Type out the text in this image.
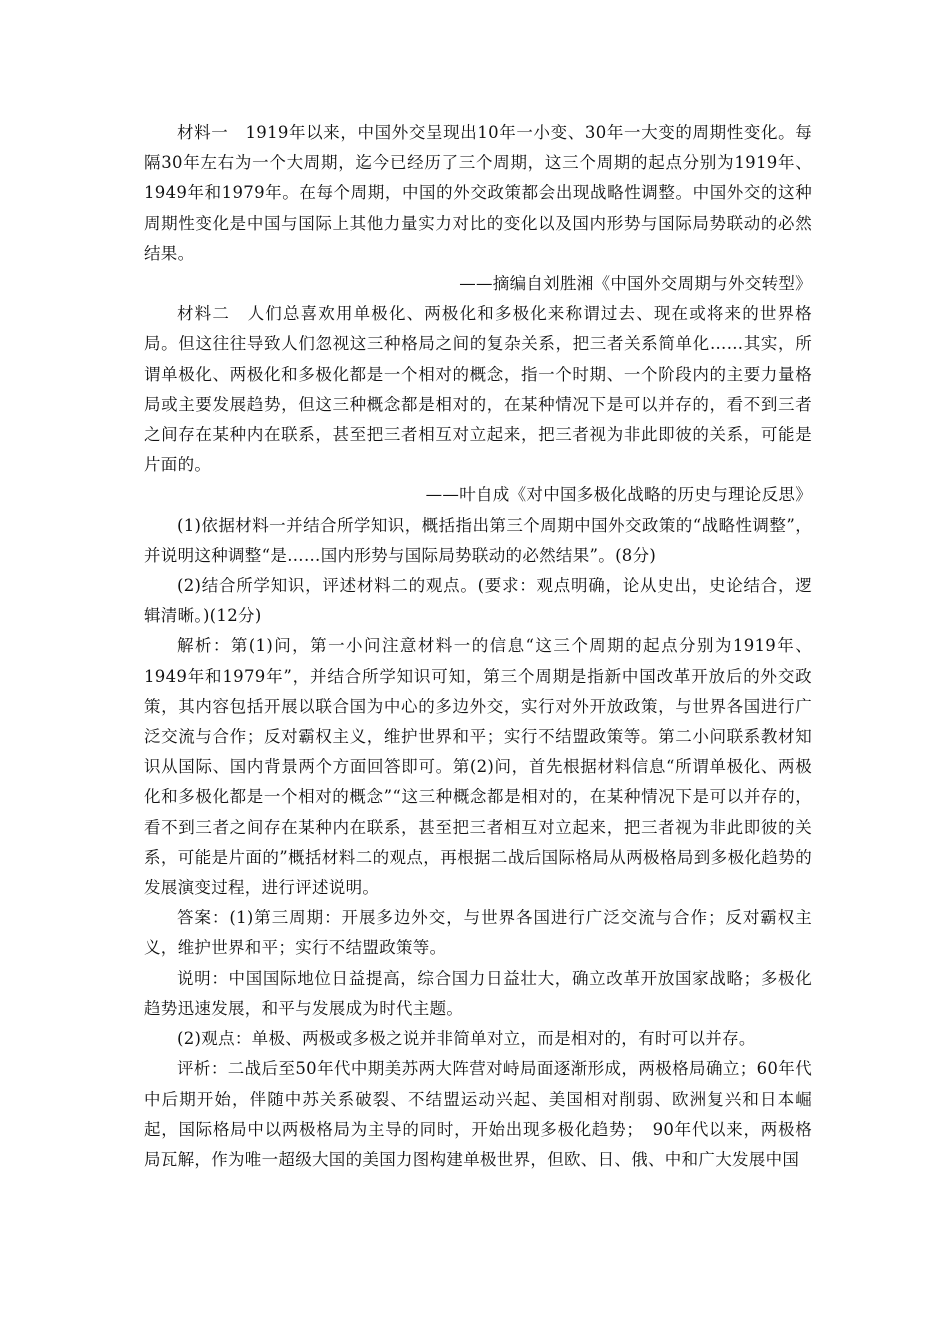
材料一　1919年以来，中国外交呈现出10年一小变、30年一大变的周期性变化。每隔30年左右为一个大周期，迄今已经历了三个周期，这三个周期的起点分别为1919年、1949年和1979年。在每个周期，中国的外交政策都会出现战略性调整。中国外交的这种周期性变化是中国与国际上其他力量实力对比的变化以及国内形势与国际局势联动的必然结果。

——摘编自刘胜湘《中国外交周期与外交转型》

材料二　人们总喜欢用单极化、两极化和多极化来称谓过去、现在或将来的世界格局。但这往往导致人们忽视这三种格局之间的复杂关系，把三者关系简单化……其实，所谓单极化、两极化和多极化都是一个相对的概念，指一个时期、一个阶段内的主要力量格局或主要发展趋势，但这三种概念都是相对的，在某种情况下是可以并存的，看不到三者之间存在某种内在联系，甚至把三者相互对立起来，把三者视为非此即彼的关系，可能是片面的。

——叶自成《对中国多极化战略的历史与理论反思》

(1)依据材料一并结合所学知识，概括指出第三个周期中国外交政策的“战略性调整”，并说明这种调整“是……国内形势与国际局势联动的必然结果”。(8分)

(2)结合所学知识，评述材料二的观点。(要求：观点明确，论从史出，史论结合，逻辑清晰。)(12分)

解析：第(1)问，第一小问注意材料一的信息“这三个周期的起点分别为1919年、1949年和1979年”，并结合所学知识可知，第三个周期是指新中国改革开放后的外交政策，其内容包括开展以联合国为中心的多边外交，实行对外开放政策，与世界各国进行广泛交流与合作；反对霸权主义，维护世界和平；实行不结盟政策等。第二小问联系教材知识从国际、国内背景两个方面回答即可。第(2)问，首先根据材料信息“所谓单极化、两极化和多极化都是一个相对的概念”“这三种概念都是相对的，在某种情况下是可以并存的，看不到三者之间存在某种内在联系，甚至把三者相互对立起来，把三者视为非此即彼的关系，可能是片面的”概括材料二的观点，再根据二战后国际格局从两极格局到多极化趋势的发展演变过程，进行评述说明。

答案：(1)第三周期：开展多边外交，与世界各国进行广泛交流与合作；反对霸权主义，维护世界和平；实行不结盟政策等。

说明：中国国际地位日益提高，综合国力日益壮大，确立改革开放国家战略；多极化趋势迅速发展，和平与发展成为时代主题。

(2)观点：单极、两极或多极之说并非简单对立，而是相对的，有时可以并存。

评析：二战后至50年代中期美苏两大阵营对峙局面逐渐形成，两极格局确立；60年代中后期开始，伴随中苏关系破裂、不结盟运动兴起、美国相对削弱、欧洲复兴和日本崛起，国际格局中以两极格局为主导的同时，开始出现多极化趋势；　90年代以来，两极格局瓦解，作为唯一超级大国的美国力图构建单极世界，但欧、日、俄、中和广大发展中国
